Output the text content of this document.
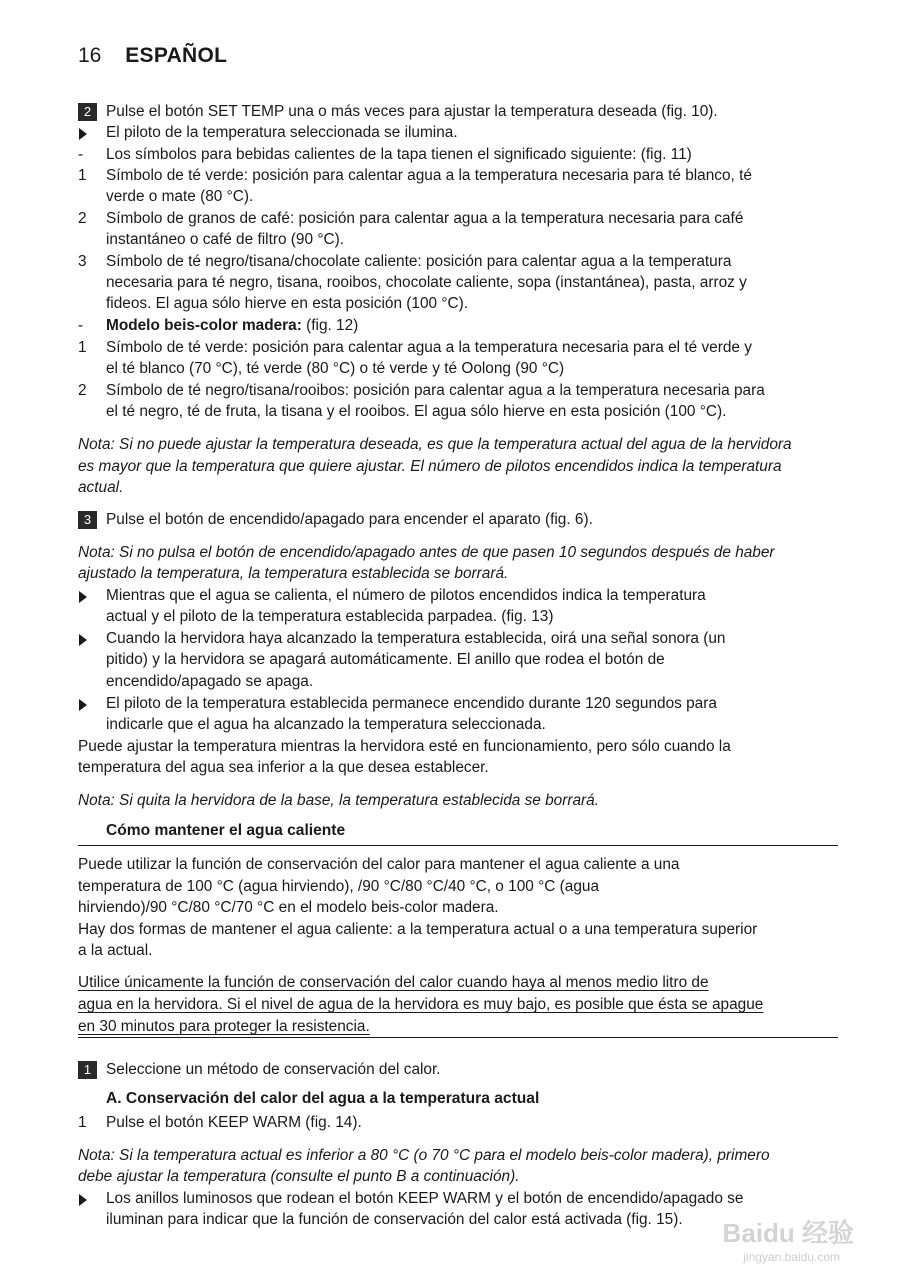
16 ESPAÑOL
2 Pulse el botón SET TEMP una o más veces para ajustar la temperatura deseada (fig. 10).
El piloto de la temperatura seleccionada se ilumina.
-	Los símbolos para bebidas calientes de la tapa tienen el significado siguiente: (fig. 11)
1	Símbolo de té verde: posición para calentar agua a la temperatura necesaria para té blanco, té
verde o mate (80 °C).
2	Símbolo de granos de café: posición para calentar agua a la temperatura necesaria para café
instantáneo o café de filtro (90 °C).
3	Símbolo de té negro/tisana/chocolate caliente: posición para calentar agua a la temperatura
necesaria para té negro, tisana, rooibos, chocolate caliente, sopa (instantánea), pasta, arroz y
fideos. El agua sólo hierve en esta posición (100 °C).
-	Modelo beis-color madera: (fig. 12)
1	Símbolo de té verde: posición para calentar agua a la temperatura necesaria para el té verde y
el té blanco (70 °C), té verde (80 °C) o té verde y té Oolong (90 °C)
2	Símbolo de té negro/tisana/rooibos: posición para calentar agua a la temperatura necesaria para
el té negro, té de fruta, la tisana y el rooibos. El agua sólo hierve en esta posición (100 °C).
Nota: Si no puede ajustar la temperatura deseada, es que la temperatura actual del agua de la hervidora
es mayor que la temperatura que quiere ajustar. El número de pilotos encendidos indica la temperatura
actual.
3 Pulse el botón de encendido/apagado para encender el aparato (fig. 6).
Nota: Si no pulsa el botón de encendido/apagado antes de que pasen 10 segundos después de haber
ajustado la temperatura, la temperatura establecida se borrará.
Mientras que el agua se calienta, el número de pilotos encendidos indica la temperatura
actual y el piloto de la temperatura establecida parpadea. (fig. 13)
Cuando la hervidora haya alcanzado la temperatura establecida, oirá una señal sonora (un
pitido) y la hervidora se apagará automáticamente. El anillo que rodea el botón de
encendido/apagado se apaga.
El piloto de la temperatura establecida permanece encendido durante 120 segundos para
indicarle que el agua ha alcanzado la temperatura seleccionada.
Puede ajustar la temperatura mientras la hervidora esté en funcionamiento, pero sólo cuando la
temperatura del agua sea inferior a la que desea establecer.
Nota: Si quita la hervidora de la base, la temperatura establecida se borrará.
Cómo mantener el agua caliente
Puede utilizar la función de conservación del calor para mantener el agua caliente a una
temperatura de 100 °C (agua hirviendo), /90 °C/80 °C/40 °C, o 100 °C (agua
hirviendo)/90 °C/80 °C/70 °C en el modelo beis-color madera.
Hay dos formas de mantener el agua caliente: a la temperatura actual o a una temperatura superior
a la actual.
Utilice únicamente la función de conservación del calor cuando haya al menos medio litro de
agua en la hervidora. Si el nivel de agua de la hervidora es muy bajo, es posible que ésta se apague
en 30 minutos para proteger la resistencia.
1 Seleccione un método de conservación del calor.
A. Conservación del calor del agua a la temperatura actual
1	Pulse el botón KEEP WARM (fig. 14).
Nota: Si la temperatura actual es inferior a 80 °C (o 70 °C para el modelo beis-color madera), primero
debe ajustar la temperatura (consulte el punto B a continuación).
Los anillos luminosos que rodean el botón KEEP WARM y el botón de encendido/apagado se
iluminan para indicar que la función de conservación del calor está activada (fig. 15). Baidu 经验
jingyan.baidu.com
